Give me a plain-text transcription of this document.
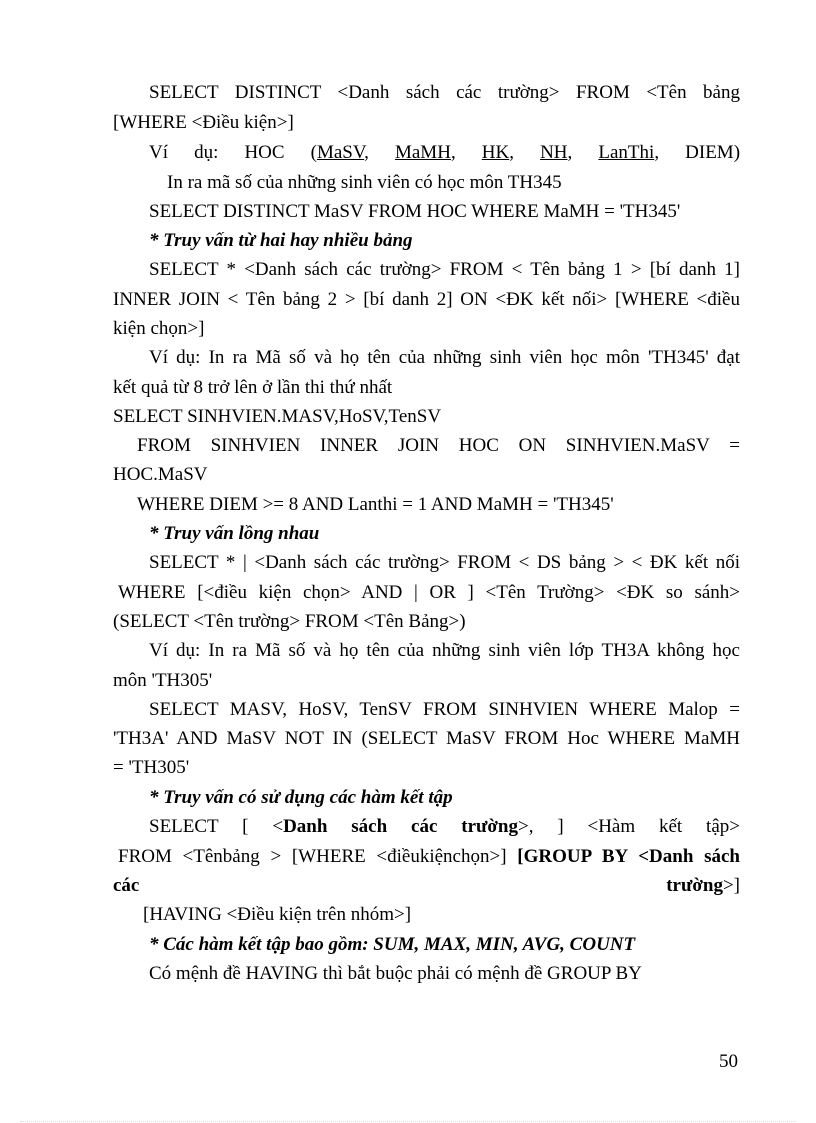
SELECT DISTINCT <Danh sách các trường> FROM <Tên bảng
[WHERE <Điều kiện>]
Ví dụ: HOC (MaSV, MaMH, HK, NH, LanThi, DIEM)
In ra mã số của những sinh viên có học môn TH345
SELECT DISTINCT MaSV FROM HOC WHERE MaMH = 'TH345'
* Truy vấn từ hai hay nhiều bảng
SELECT * <Danh sách các trường> FROM < Tên bảng 1 > [bí danh 1]
INNER JOIN < Tên bảng 2 > [bí danh 2] ON <ĐK kết nối> [WHERE <điều
kiện chọn>]
Ví dụ: In ra Mã số và họ tên của những sinh viên học môn 'TH345' đạt
kết quả từ 8 trở lên ở lần thi thứ nhất
SELECT SINHVIEN.MASV,HoSV,TenSV
FROM SINHVIEN INNER JOIN HOC ON SINHVIEN.MaSV =
HOC.MaSV
WHERE DIEM >= 8 AND Lanthi = 1 AND MaMH = 'TH345'
* Truy vấn lồng nhau
SELECT * | <Danh sách các trường> FROM < DS bảng > < ĐK kết nối
WHERE [<điều kiện chọn> AND | OR ] <Tên Trường> <ĐK so sánh>
(SELECT <Tên trường> FROM <Tên Bảng>)
Ví dụ: In ra Mã số và họ tên của những sinh viên lớp TH3A không học
môn 'TH305'
SELECT MASV, HoSV, TenSV FROM SINHVIEN WHERE Malop =
'TH3A' AND MaSV NOT IN (SELECT MaSV FROM Hoc WHERE MaMH
= 'TH305'
* Truy vấn có sử dụng các hàm kết tập
SELECT [ <Danh sách các trường>, ] <Hàm kết tập>
FROM <Tênbảng > [WHERE <điềukiệnchọn>] [GROUP BY <Danh sách
các	trường>]
[HAVING <Điều kiện trên nhóm>]
* Các hàm kết tập bao gồm: SUM, MAX, MIN, AVG, COUNT
Có mệnh đề HAVING thì bắt buộc phải có mệnh đề GROUP BY
50
